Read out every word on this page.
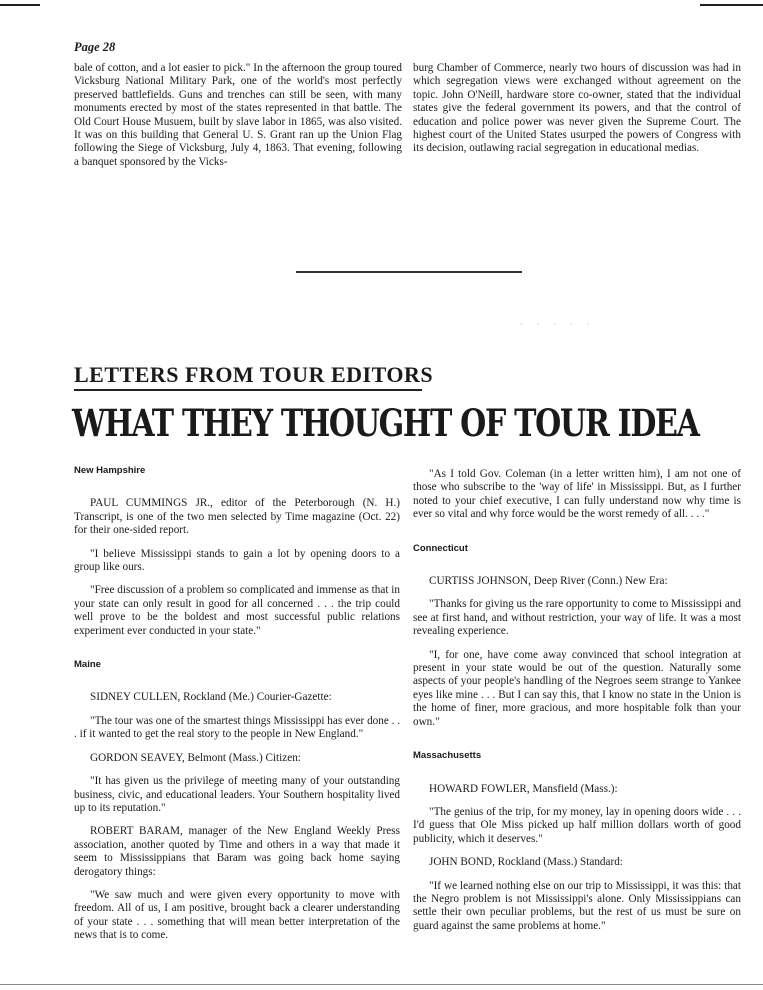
Page 28

bale of cotton, and a lot easier to pick." In the afternoon the group toured Vicksburg National Military Park, one of the world's most perfectly preserved battlefields. Guns and trenches can still be seen, with many monuments erected by most of the states represented in that battle. The Old Court House Musuem, built by slave labor in 1865, was also visited. It was on this building that General U. S. Grant ran up the Union Flag following the Siege of Vicksburg, July 4, 1863. That evening, following a banquet sponsored by the Vicks-

burg Chamber of Commerce, nearly two hours of discussion was had in which segregation views were exchanged without agreement on the topic. John O'Neill, hardware store co-owner, stated that the individual states give the federal government its powers, and that the control of education and police power was never given the Supreme Court. The highest court of the United States usurped the powers of Congress with its decision, outlawing racial segregation in educational medias.

· · · · ·
LETTERS FROM TOUR EDITORS
WHAT THEY THOUGHT OF TOUR IDEA
New Hampshire

PAUL CUMMINGS JR., editor of the Peterborough (N. H.) Transcript, is one of the two men selected by Time magazine (Oct. 22) for their one-sided report.

"I believe Mississippi stands to gain a lot by opening doors to a group like ours.

"Free discussion of a problem so complicated and immense as that in your state can only result in good for all concerned . . . the trip could well prove to be the boldest and most successful public relations experiment ever conducted in your state."

Maine

SIDNEY CULLEN, Rockland (Me.) Courier-Gazette:

"The tour was one of the smartest things Mississippi has ever done . . . if it wanted to get the real story to the people in New England."

GORDON SEAVEY, Belmont (Mass.) Citizen:

"It has given us the privilege of meeting many of your outstanding business, civic, and educational leaders. Your Southern hospitality lived up to its reputation."

ROBERT BARAM, manager of the New England Weekly Press association, another quoted by Time and others in a way that made it seem to Mississippians that Baram was going back home saying derogatory things:

"We saw much and were given every opportunity to move with freedom. All of us, I am positive, brought back a clearer understanding of your state . . . something that will mean better interpretation of the news that is to come.

"As I told Gov. Coleman (in a letter written him), I am not one of those who subscribe to the 'way of life' in Mississippi. But, as I further noted to your chief executive, I can fully understand now why time is ever so vital and why force would be the worst remedy of all. . . ."

Connecticut

CURTISS JOHNSON, Deep River (Conn.) New Era:

"Thanks for giving us the rare opportunity to come to Mississippi and see at first hand, and without restriction, your way of life. It was a most revealing experience.

"I, for one, have come away convinced that school integration at present in your state would be out of the question. Naturally some aspects of your people's handling of the Negroes seem strange to Yankee eyes like mine . . . But I can say this, that I know no state in the Union is the home of finer, more gracious, and more hospitable folk than your own."

Massachusetts

HOWARD FOWLER, Mansfield (Mass.):

"The genius of the trip, for my money, lay in opening doors wide . . . I'd guess that Ole Miss picked up half million dollars worth of good publicity, which it deserves."

JOHN BOND, Rockland (Mass.) Standard:

"If we learned nothing else on our trip to Mississippi, it was this: that the Negro problem is not Mississippi's alone. Only Mississippians can settle their own peculiar problems, but the rest of us must be sure on guard against the same problems at home."
